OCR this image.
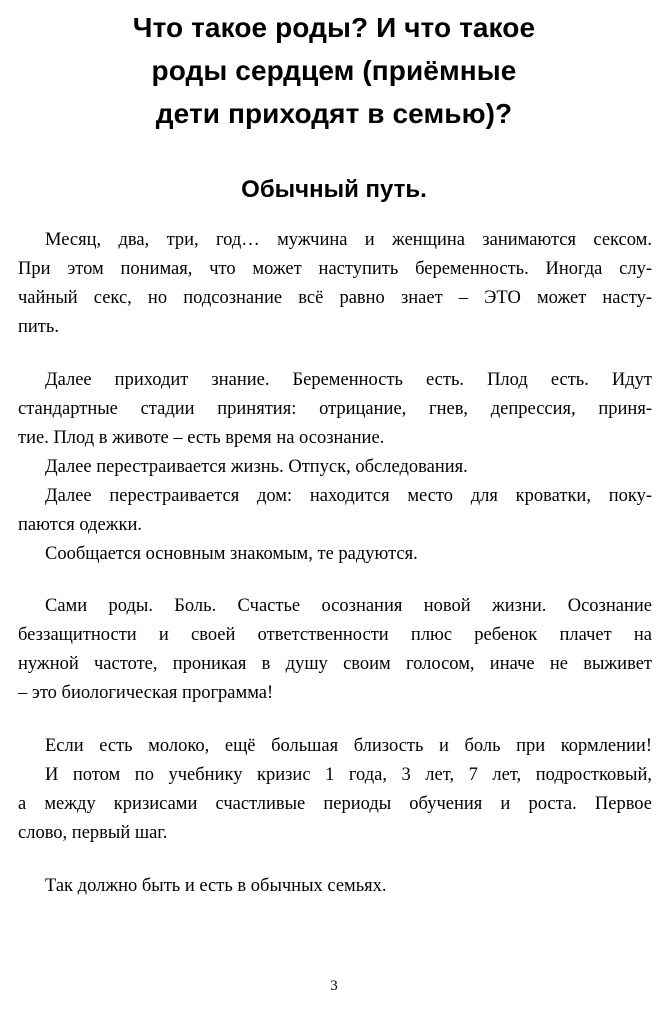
Что такое роды? И что такое
роды сердцем (приёмные
дети приходят в семью)?
Обычный путь.
Месяц, два, три, год… мужчина и женщина занимаются сексом.
При этом понимая, что может наступить беременность. Иногда слу-
чайный секс, но подсознание всё равно знает – ЭТО может насту-
пить.
Далее приходит знание. Беременность есть. Плод есть. Идут
стандартные стадии принятия: отрицание, гнев, депрессия, приня-
тие. Плод в животе – есть время на осознание.
Далее перестраивается жизнь. Отпуск, обследования.
Далее перестраивается дом: находится место для кроватки, поку-
паются одежки.
Сообщается основным знакомым, те радуются.
Сами роды. Боль. Счастье осознания новой жизни. Осознание
беззащитности и своей ответственности плюс ребенок плачет на
нужной частоте, проникая в душу своим голосом, иначе не выживет
– это биологическая программа!
Если есть молоко, ещё большая близость и боль при кормлении!
И потом по учебнику кризис 1 года, 3 лет, 7 лет, подростковый,
а между кризисами счастливые периоды обучения и роста. Первое
слово, первый шаг.
Так должно быть и есть в обычных семьях.
3
